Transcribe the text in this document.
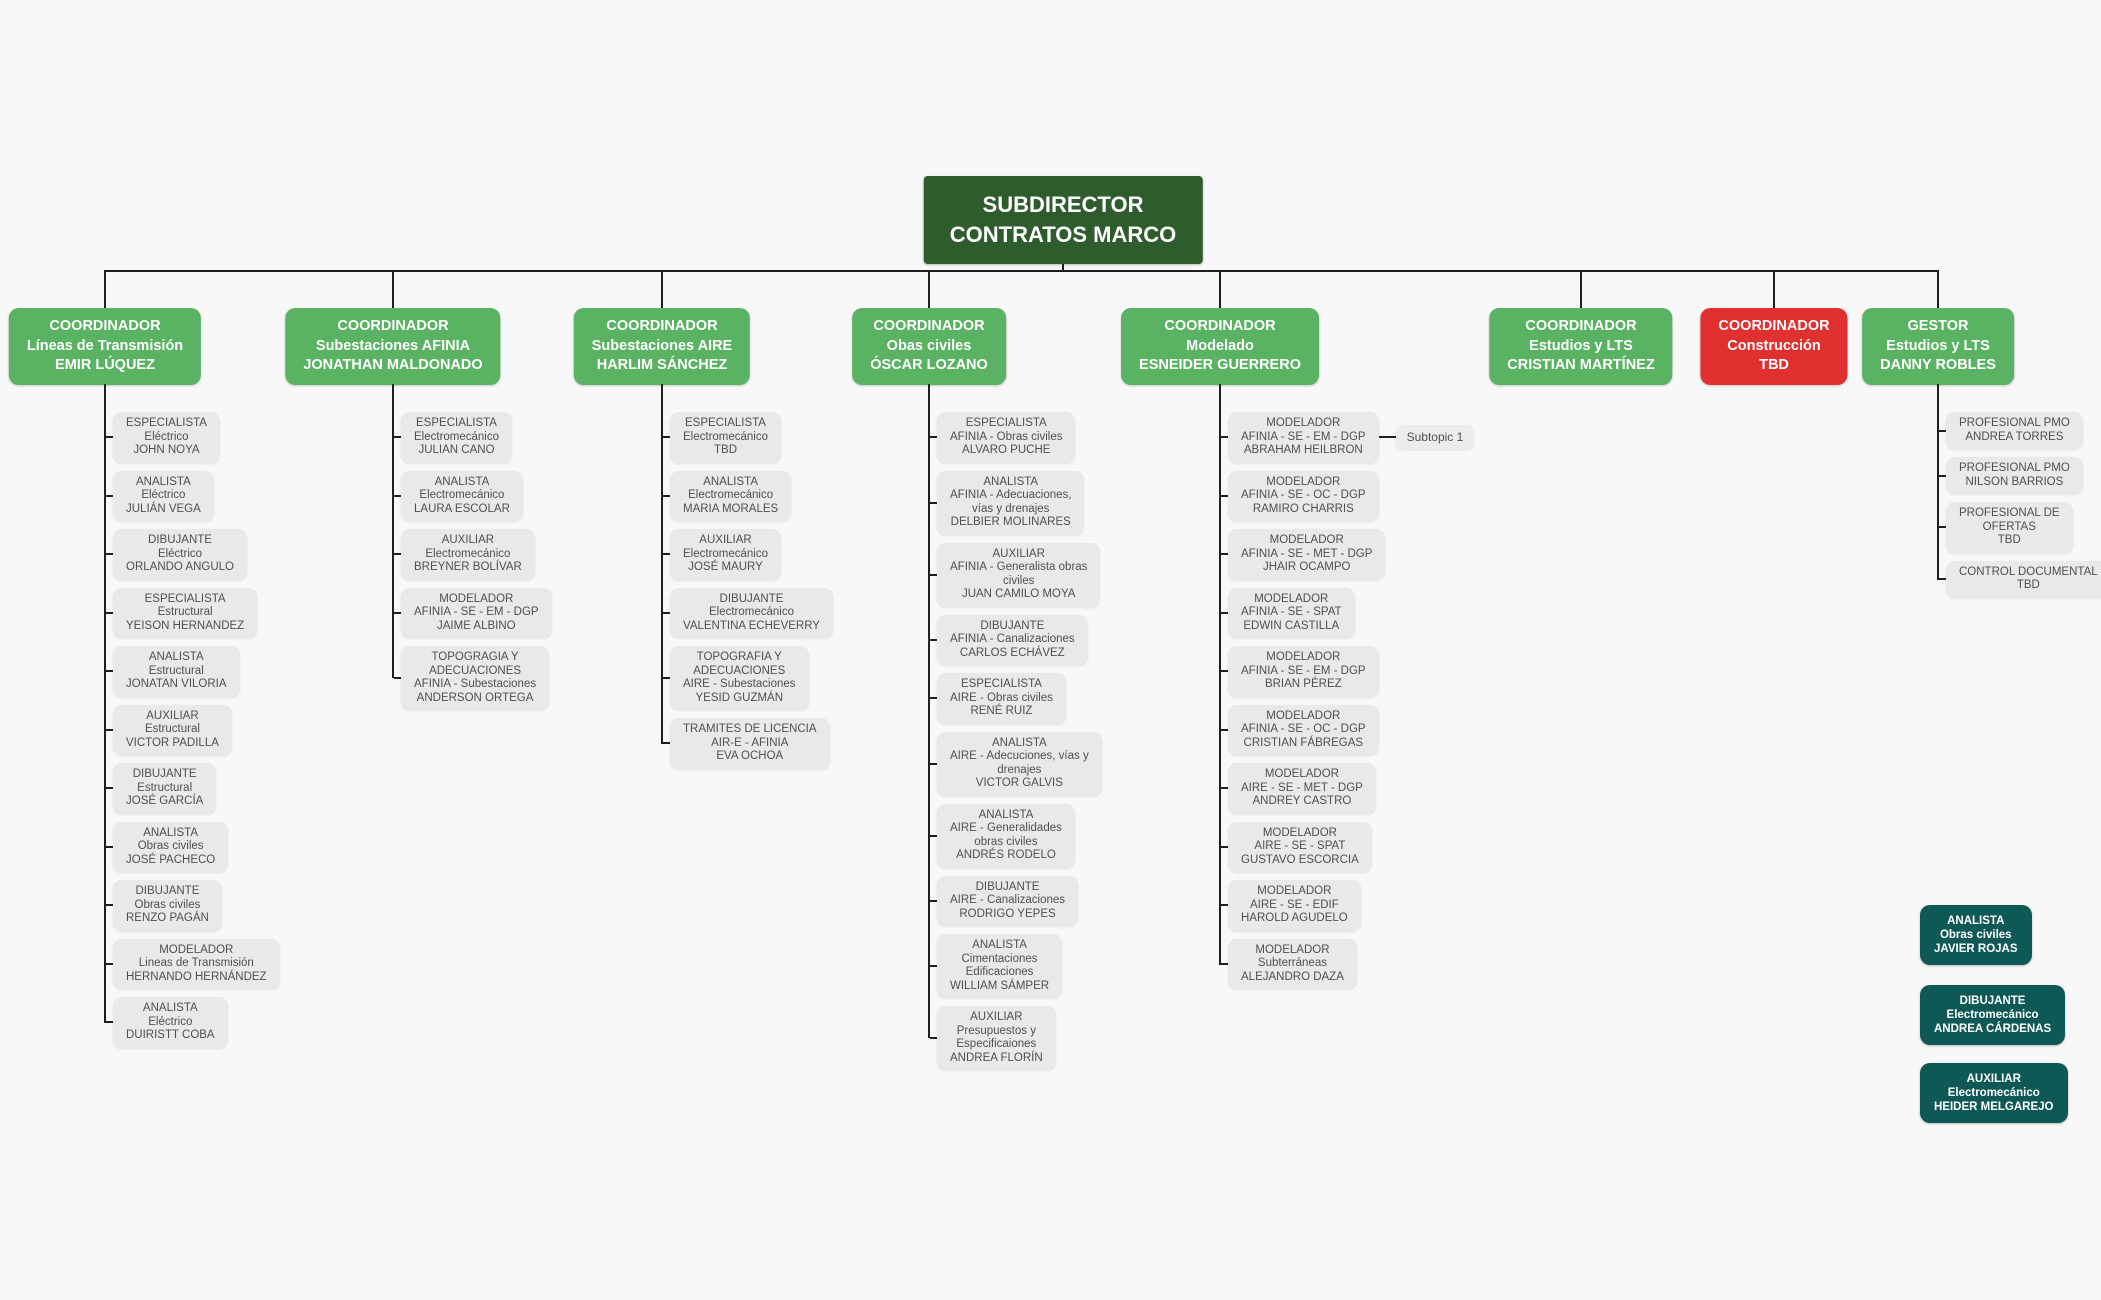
SUBDIRECTOR
CONTRATOS MARCO
COORDINADOR
Líneas de Transmisión
EMIR LÚQUEZ
ESPECIALISTA
Eléctrico
JOHN NOYA
ANALISTA
Eléctrico
JULIÁN VEGA
DIBUJANTE
Eléctrico
ORLANDO ANGULO
ESPECIALISTA
Estructural
YEISON HERNANDEZ
ANALISTA
Estructural
JONATAN VILORIA
AUXILIAR
Estructural
VICTOR PADILLA
DIBUJANTE
Estructural
JOSÉ GARCÍA
ANALISTA
Obras civiles
JOSÉ PACHECO
DIBUJANTE
Obras civiles
RENZO PAGÁN
MODELADOR
Lineas de Transmisión
HERNANDO HERNÁNDEZ
ANALISTA
Eléctrico
DUIRISTT COBA
COORDINADOR
Subestaciones AFINIA
JONATHAN MALDONADO
ESPECIALISTA
Electromecánico
JULIAN CANO
ANALISTA
Electromecánico
LAURA ESCOLAR
AUXILIAR
Electromecánico
BREYNER BOLÍVAR
MODELADOR
AFINIA - SE - EM - DGP
JAIME ALBINO
TOPOGRAGIA Y
ADECUACIONES
AFINIA - Subestaciones
ANDERSON ORTEGA
COORDINADOR
Subestaciones AIRE
HARLIM SÁNCHEZ
ESPECIALISTA
Electromecánico
TBD
ANALISTA
Electromecánico
MARIA MORALES
AUXILIAR
Electromecánico
JOSÉ MAURY
DIBUJANTE
Electromecánico
VALENTINA ECHEVERRY
TOPOGRAFIA Y
ADECUACIONES
AIRE - Subestaciones
YESID GUZMÁN
TRAMITES DE LICENCIA
AIR-E - AFINIA
EVA OCHOA
COORDINADOR
Obas civiles
ÓSCAR LOZANO
ESPECIALISTA
AFINIA - Obras civiles
ALVARO PUCHE
ANALISTA
AFINIA - Adecuaciones,
vías y drenajes
DELBIER MOLINARES
AUXILIAR
AFINIA - Generalista obras
civiles
JUAN CAMILO MOYA
DIBUJANTE
AFINIA - Canalizaciones
CARLOS ECHÁVEZ
ESPECIALISTA
AIRE - Obras civiles
RENÉ RUIZ
ANALISTA
AIRE - Adecuciones, vías y
drenajes
VICTOR GALVIS
ANALISTA
AIRE - Generalidades
obras civiles
ANDRÉS RODELO
DIBUJANTE
AIRE - Canalizaciones
RODRIGO YEPES
ANALISTA
Cimentaciones
Edificaciones
WILLIAM SÁMPER
AUXILIAR
Presupuestos y
Especificaiones
ANDREA FLORÍN
COORDINADOR
Modelado
ESNEIDER GUERRERO
MODELADOR
AFINIA - SE - EM - DGP
ABRAHAM HEILBRON
Subtopic 1
MODELADOR
AFINIA - SE - OC - DGP
RAMIRO CHARRIS
MODELADOR
AFINIA - SE - MET - DGP
JHAIR OCAMPO
MODELADOR
AFINIA - SE - SPAT
EDWIN CASTILLA
MODELADOR
AFINIA - SE - EM - DGP
BRIAN PÉREZ
MODELADOR
AFINIA - SE - OC - DGP
CRISTIAN FÁBREGAS
MODELADOR
AIRE - SE - MET - DGP
ANDREY CASTRO
MODELADOR
AIRE - SE - SPAT
GUSTAVO ESCORCIA
MODELADOR
AIRE - SE - EDIF
HAROLD AGUDELO
MODELADOR
Subterráneas
ALEJANDRO DAZA
COORDINADOR
Estudios y LTS
CRISTIAN MARTÍNEZ
COORDINADOR
Construcción
TBD
GESTOR
Estudios y LTS
DANNY ROBLES
PROFESIONAL PMO
ANDREA TORRES
PROFESIONAL PMO
NILSON BARRIOS
PROFESIONAL DE
OFERTAS
TBD
CONTROL DOCUMENTAL
TBD
ANALISTA
Obras civiles
JAVIER ROJAS
DIBUJANTE
Electromecánico
ANDREA CÁRDENAS
AUXILIAR
Electromecánico
HEIDER MELGAREJO
